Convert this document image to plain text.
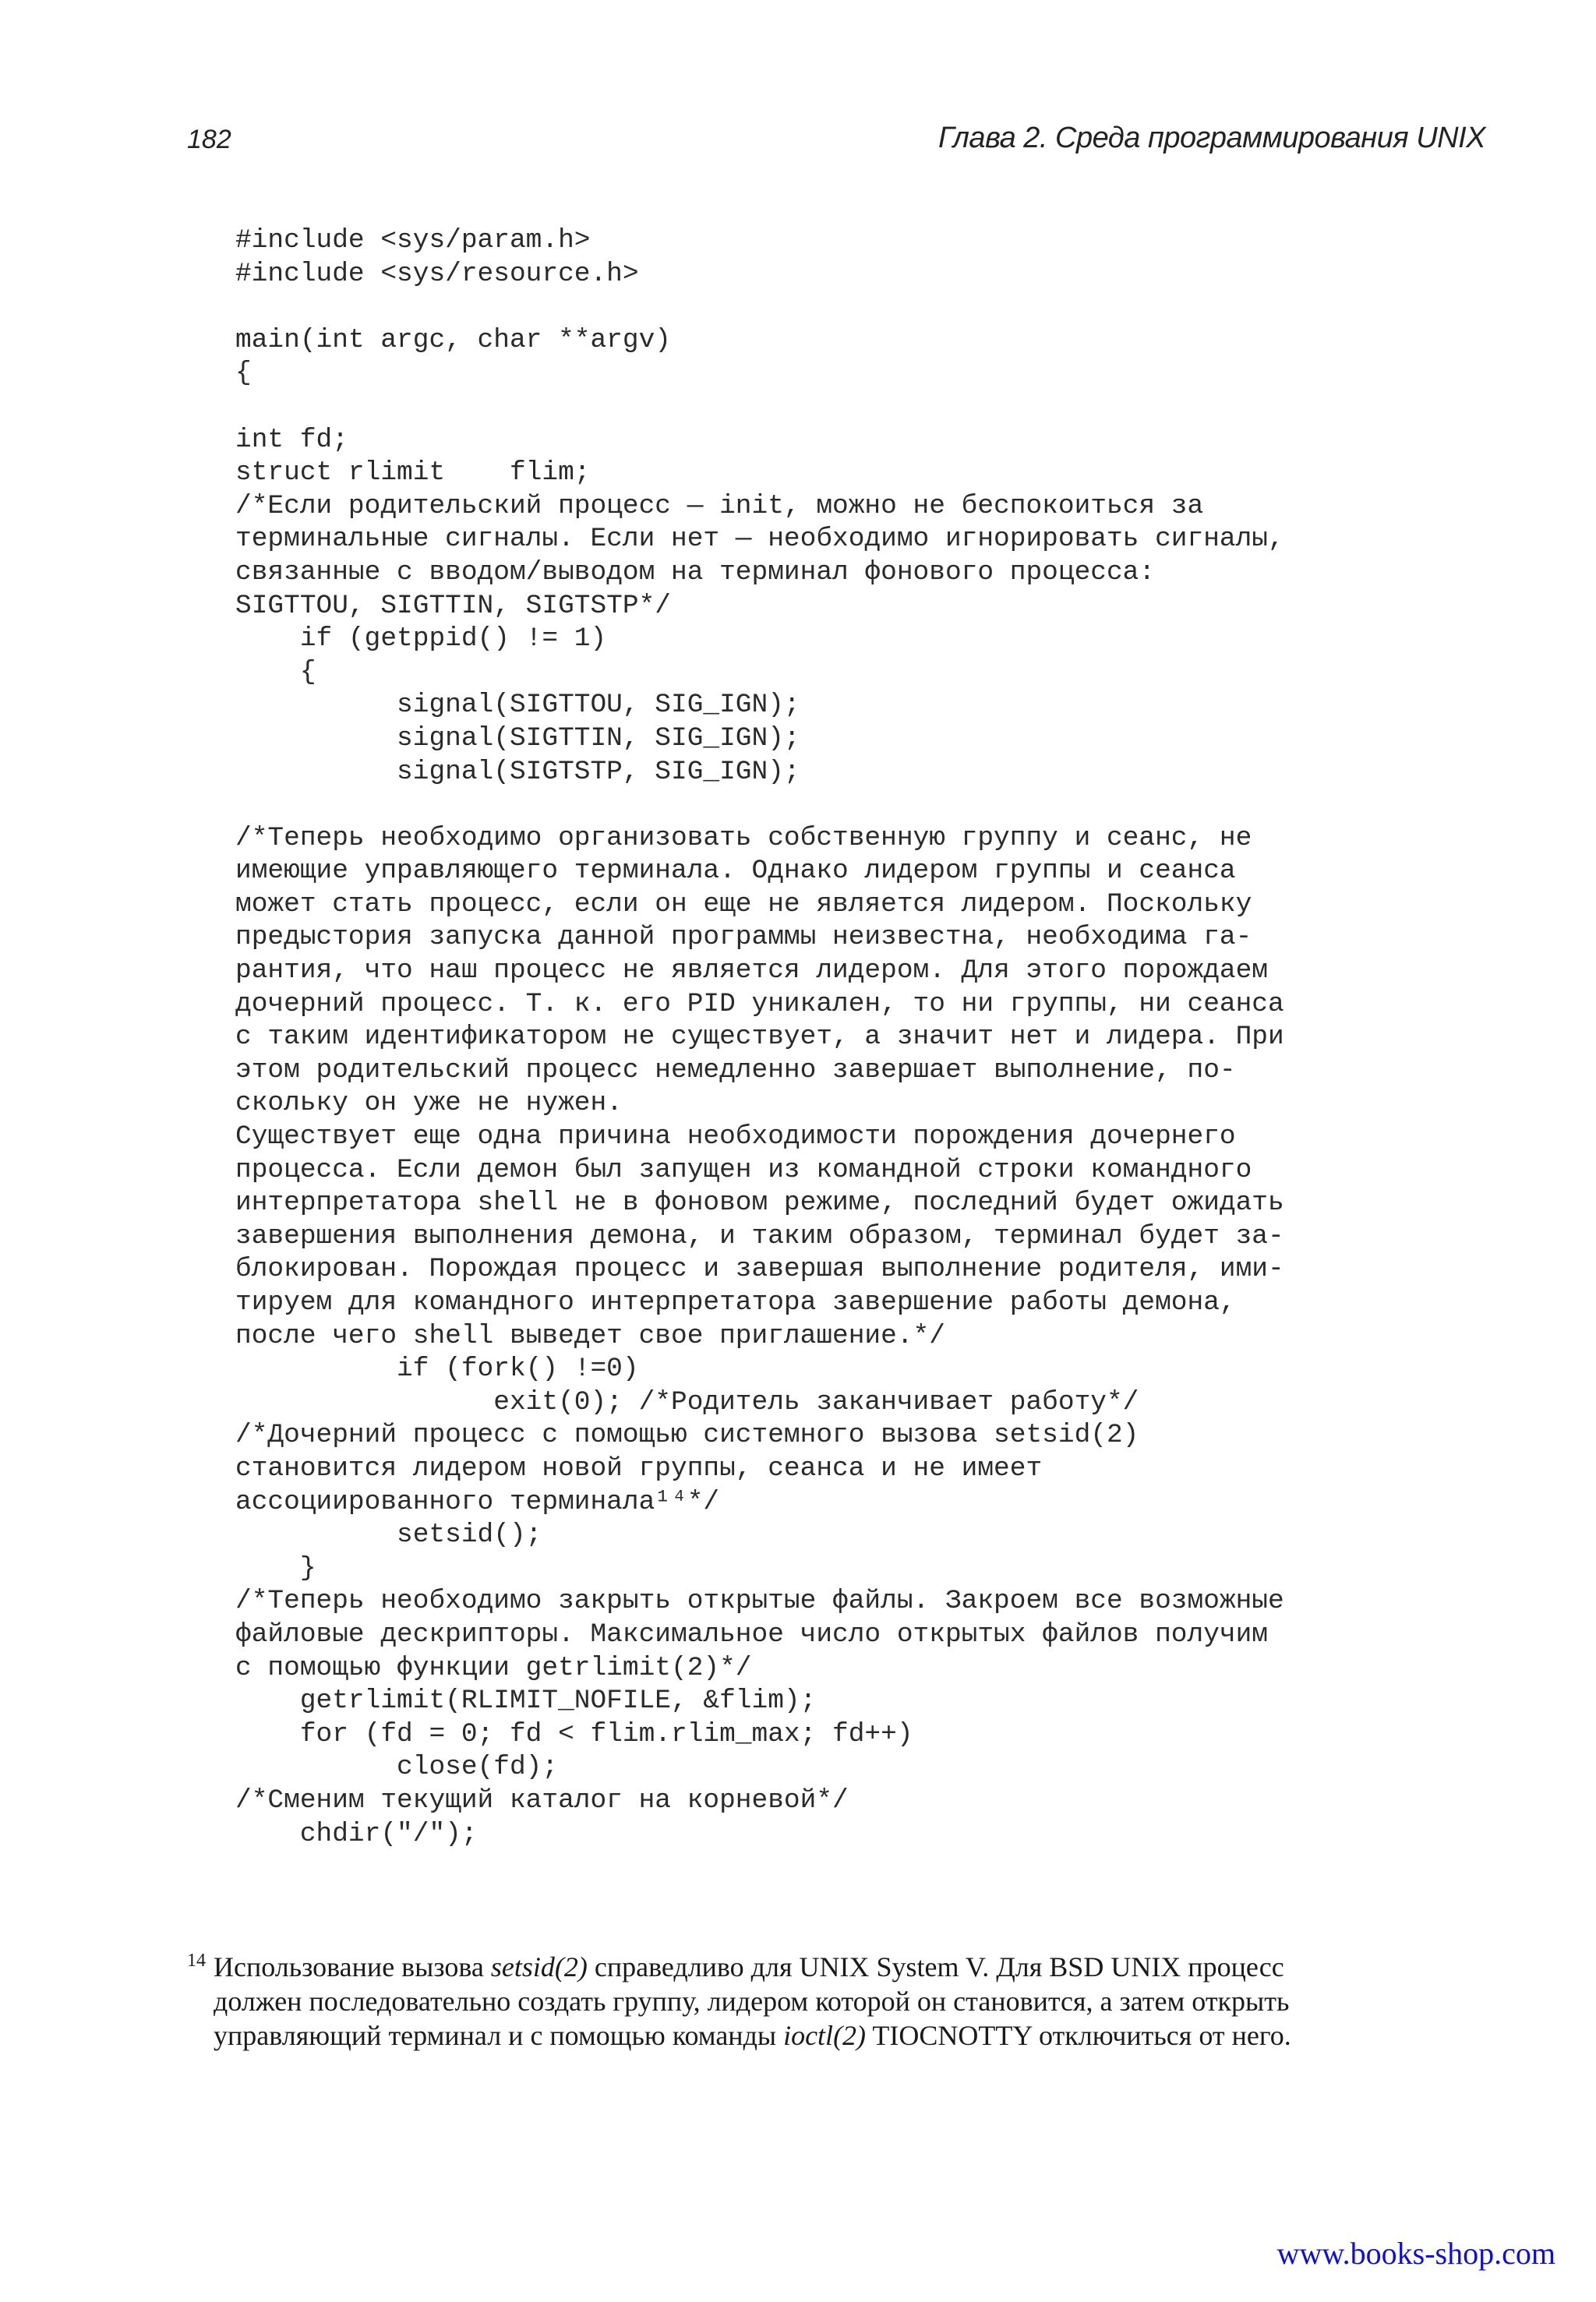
182	Глава 2. Среда программирования UNIX
#include <sys/param.h>
#include <sys/resource.h>
main(int argc, char **argv)
{
int fd;
struct rlimit    flim;
/*Если родительский процесс — init, можно не беспокоиться за
терминальные сигналы. Если нет — необходимо игнорировать сигналы,
связанные с вводом/выводом на терминал фонового процесса:
SIGTTOU, SIGTTIN, SIGTSTP*/
if (getppid() != 1)
{
signal(SIGTTOU, SIG_IGN);
signal(SIGTTIN, SIG_IGN);
signal(SIGTSTP, SIG_IGN);
/*Теперь необходимо организовать собственную группу и сеанс, не
имеющие управляющего терминала. Однако лидером группы и сеанса
может стать процесс, если он еще не является лидером. Поскольку
предыстория запуска данной программы неизвестна, необходима га-
рантия, что наш процесс не является лидером. Для этого порождаем
дочерний процесс. Т. к. его PID уникален, то ни группы, ни сеанса
с таким идентификатором не существует, а значит нет и лидера. При
этом родительский процесс немедленно завершает выполнение, по-
скольку он уже не нужен.
Существует еще одна причина необходимости порождения дочернего
процесса. Если демон был запущен из командной строки командного
интерпретатора shell не в фоновом режиме, последний будет ожидать
завершения выполнения демона, и таким образом, терминал будет за-
блокирован. Порождая процесс и завершая выполнение родителя, ими-
тируем для командного интерпретатора завершение работы демона,
после чего shell выведет свое приглашение.*/
if (fork() !=0)
exit(0); /*Родитель заканчивает работу*/
/*Дочерний процесс с помощью системного вызова setsid(2)
становится лидером новой группы, сеанса и не имеет
ассоциированного терминала¹⁴*/
setsid();
}
/*Теперь необходимо закрыть открытые файлы. Закроем все возможные
файловые дескрипторы. Максимальное число открытых файлов получим
с помощью функции getrlimit(2)*/
getrlimit(RLIMIT_NOFILE, &flim);
for (fd = 0; fd < flim.rlim_max; fd++)
close(fd);
/*Сменим текущий каталог на корневой*/
chdir("/");
$^{14}$ Использование вызова setsid(2) справедливо для UNIX System V. Для BSD UNIX процесс
должен последовательно создать группу, лидером которой он становится, а затем открыть
управляющий терминал и с помощью команды ioctl(2) TIOCNOTTY отключиться от него.
www.books-shop.com
